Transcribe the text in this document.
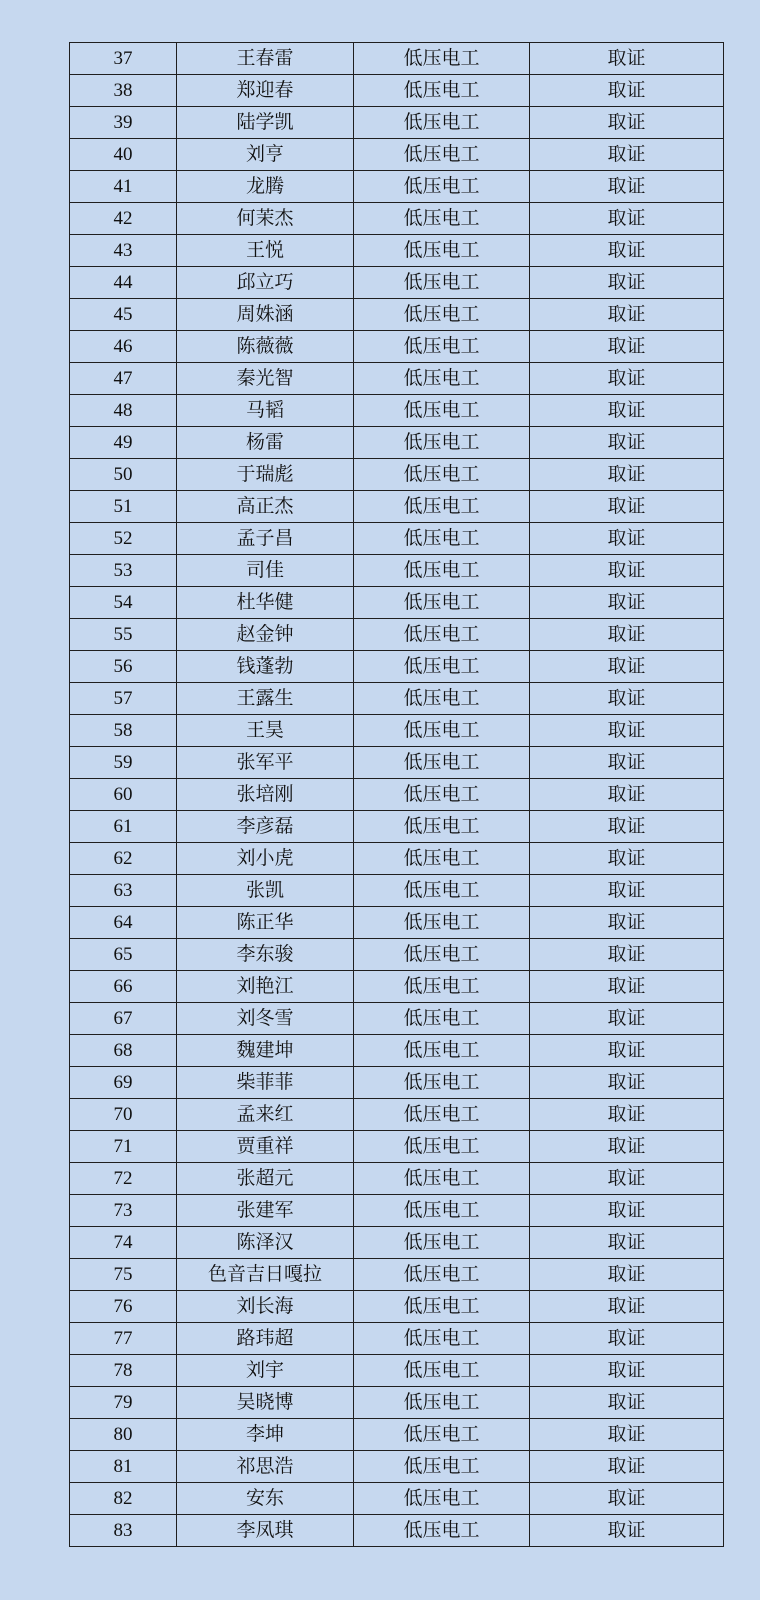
37	王春雷	低压电工	取证
38	郑迎春	低压电工	取证
39	陆学凯	低压电工	取证
40	刘亨	低压电工	取证
41	龙腾	低压电工	取证
42	何茉杰	低压电工	取证
43	王悦	低压电工	取证
44	邱立巧	低压电工	取证
45	周姝涵	低压电工	取证
46	陈薇薇	低压电工	取证
47	秦光智	低压电工	取证
48	马韬	低压电工	取证
49	杨雷	低压电工	取证
50	于瑞彪	低压电工	取证
51	高正杰	低压电工	取证
52	孟子昌	低压电工	取证
53	司佳	低压电工	取证
54	杜华健	低压电工	取证
55	赵金钟	低压电工	取证
56	钱蓬勃	低压电工	取证
57	王露生	低压电工	取证
58	王昊	低压电工	取证
59	张军平	低压电工	取证
60	张培刚	低压电工	取证
61	李彦磊	低压电工	取证
62	刘小虎	低压电工	取证
63	张凯	低压电工	取证
64	陈正华	低压电工	取证
65	李东骏	低压电工	取证
66	刘艳江	低压电工	取证
67	刘冬雪	低压电工	取证
68	魏建坤	低压电工	取证
69	柴菲菲	低压电工	取证
70	孟来红	低压电工	取证
71	贾重祥	低压电工	取证
72	张超元	低压电工	取证
73	张建军	低压电工	取证
74	陈泽汉	低压电工	取证
75	色音吉日嘎拉	低压电工	取证
76	刘长海	低压电工	取证
77	路玮超	低压电工	取证
78	刘宇	低压电工	取证
79	吴晓博	低压电工	取证
80	李坤	低压电工	取证
81	祁思浩	低压电工	取证
82	安东	低压电工	取证
83	李凤琪	低压电工	取证
